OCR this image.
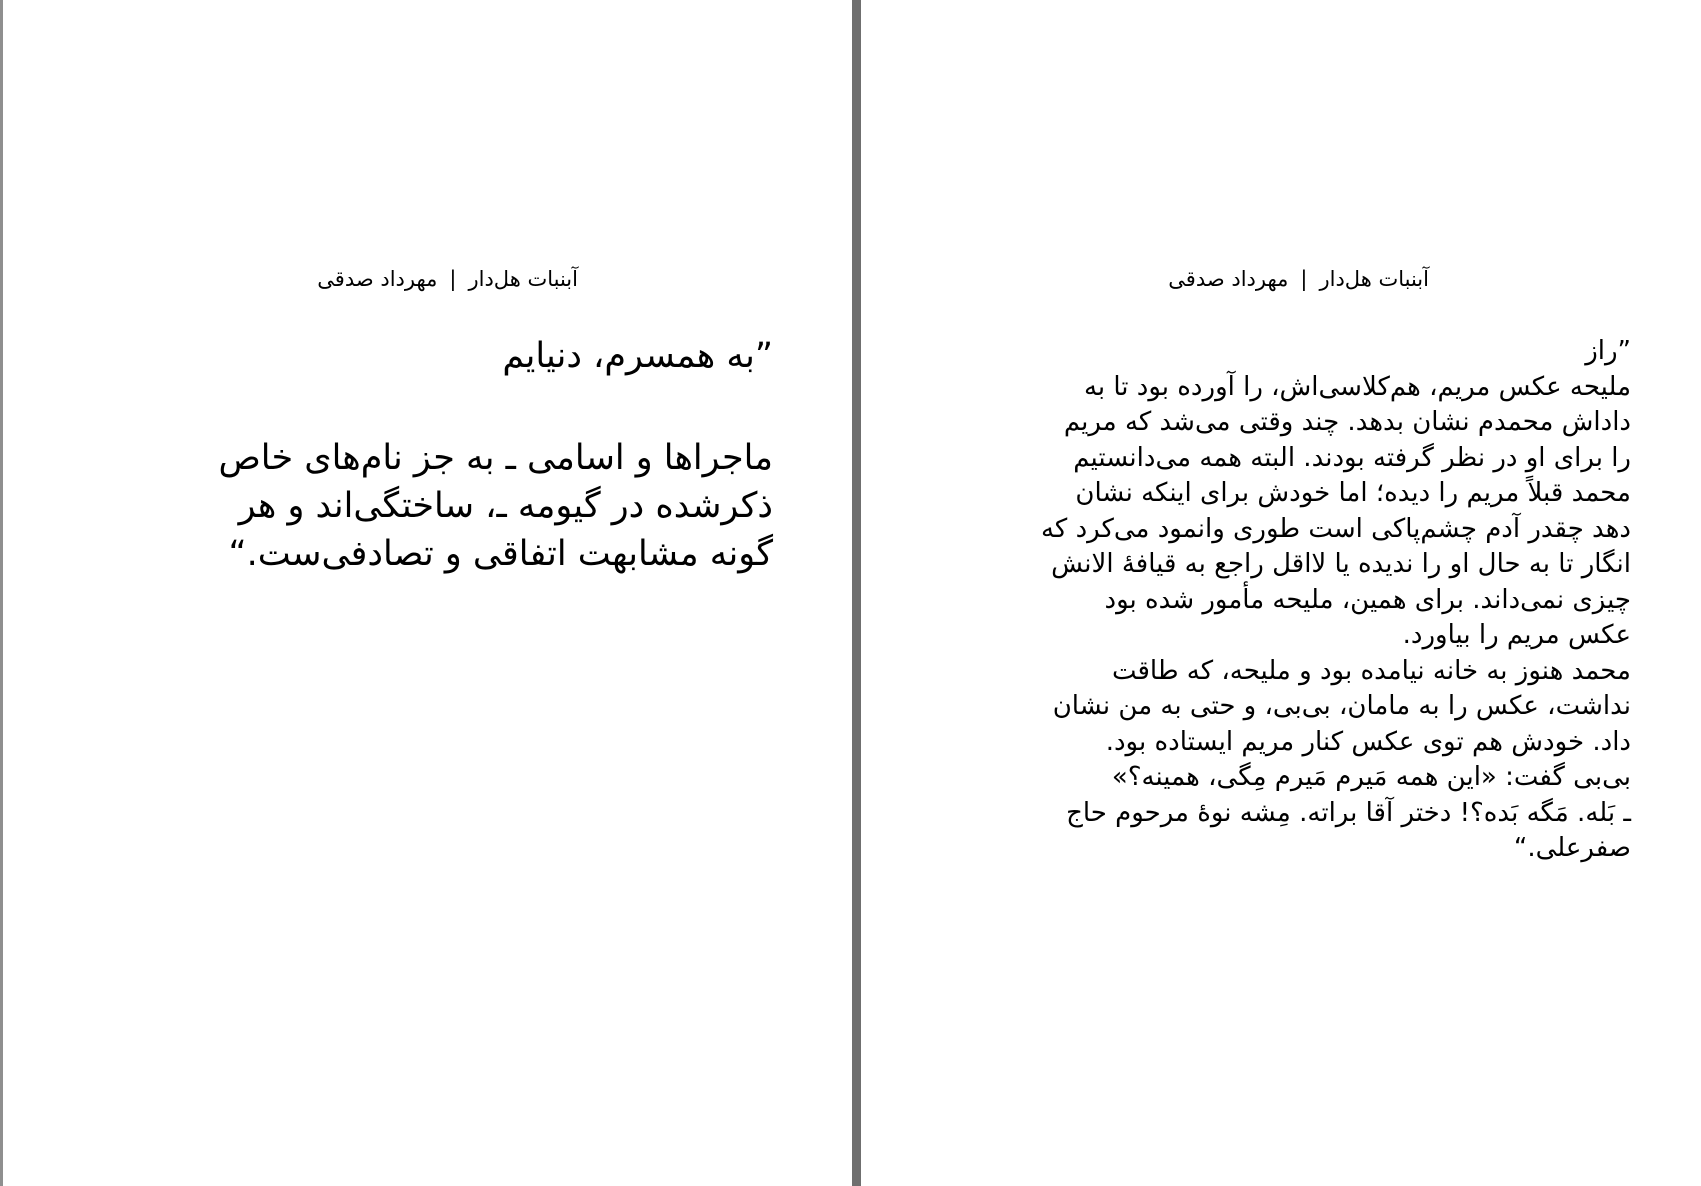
آبنبات هل‌دار|مهرداد صدقی
”به همسرم، دنیایم
ماجراها و اسامی ـ به جز نام‌های خاص
ذکرشده در گیومه ـ، ساختگی‌اند و هر
گونه مشابهت اتفاقی و تصادفی‌ست.“
آبنبات هل‌دار|مهرداد صدقی
”راز
ملیحه عکس مریم، هم‌کلاسی‌اش، را آورده بود تا به
داداش محمدم نشان بدهد. چند وقتی می‌شد که مریم
را برای او در نظر گرفته بودند. البته همه می‌دانستیم
محمد قبلاً مریم را دیده؛ اما خودش برای اینکه نشان
دهد چقدر آدم چشم‌پاکی است طوری وانمود می‌کرد که
انگار تا به حال او را ندیده یا لااقل راجع به قیافۀ الانش
چیزی نمی‌داند. برای همین، ملیحه مأمور شده بود
عکس مریم را بیاورد.
محمد هنوز به خانه نیامده بود و ملیحه، که طاقت
نداشت، عکس را به مامان، بی‌بی، و حتی به من نشان
داد. خودش هم توی عکس کنار مریم ایستاده بود.
بی‌بی گفت: «این همه مَیرم مَیرم مِگی، همینه؟»
ـ بَله. مَگه بَده؟! دختر آقا براته. مِشه نوۀ مرحوم حاج
صفرعلی.“
